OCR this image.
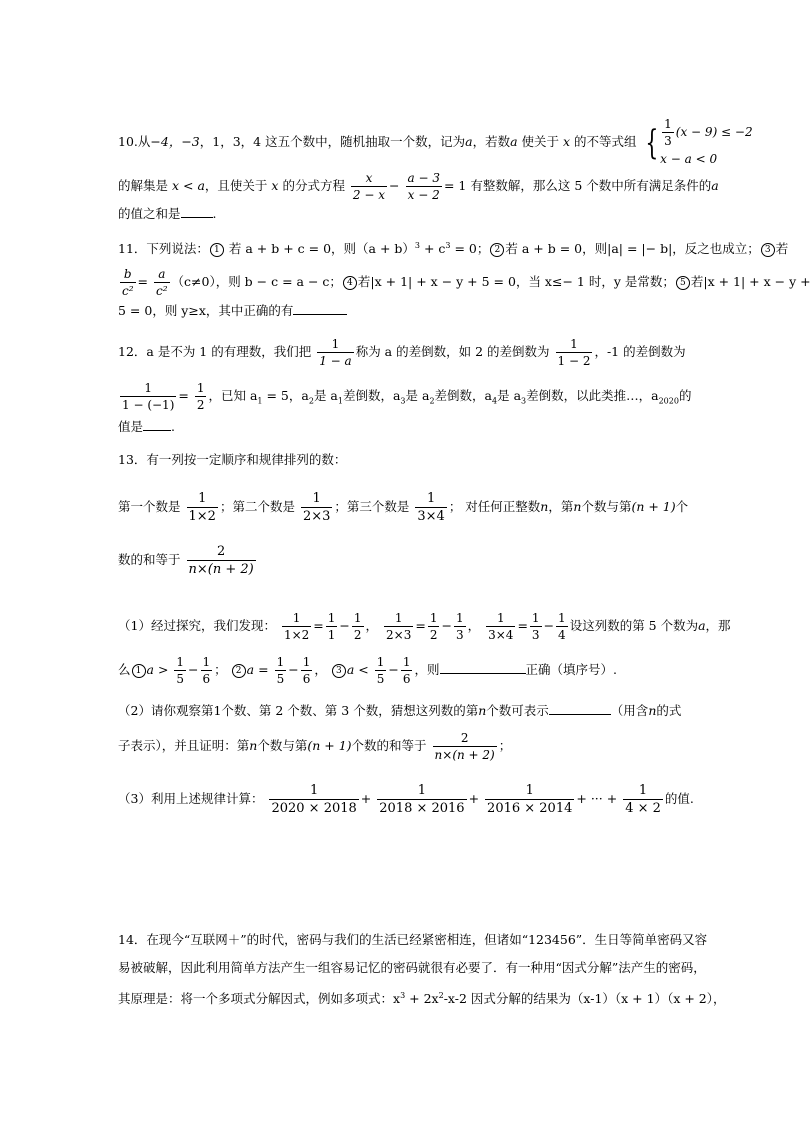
10.从−4，−3，1，3，4 这五个数中，随机抽取一个数，记为a，若数a 使关于 x 的不等式组 { $\frac{1}{3} (x - 9) \le -2$
x − a < 0
的解集是 x < a，且使关于 x 的分式方程 $\frac{x}{2 - x} - \frac{a - 3}{x - 2} = 1$ 有整数解，那么这 5 个数中所有满足条件的a
的值之和是	.
11．下列说法： 1 若 a + b + c = 0，则$(a + b)^3 + c^3 = 0$； 2 若 a + b = 0，则|a| = |− b|，反之也成立； 3 若
$\frac{b}{\text{c²}} = \frac{a}{\text{c²}} (c\ne 0)$，则 b − c = a − c； 4 若|x + 1| + x − y + 5 = 0，当 x≤− 1 时，y 是常数； 5 若|x + 1| + x − y +
5 = 0，则 y≥x，其中正确的有
12．a 是不为 1 的有理数，我们把 $\frac{1}{1 - a}$ 称为 a 的差倒数，如 2 的差倒数为 $\frac{1}{1 - 2}$ ，-1 的差倒数为
$\frac{1}{1 - (-1)} = \frac{1}{2}$ ，已知 $a_1 = 5$，$a_2$是 $a_1$差倒数，$a_3$是 $a_2$差倒数，$a_4$是 $a_3$差倒数，以此类推…，$a_{2020}$的
值是 .
13．有一列按一定顺序和规律排列的数：
第一个数是 $\frac{1}{1\times 2}$ ；第二个数是 $\frac{1}{2\times 3}$ ；第三个数是 $\frac{1}{3\times 4}$ ； 对任何正整数n，第n个数与第(n + 1)个
数的和等于 $\frac{2}{n\times(n + 2)}$
（1）经过探究，我们发现： $\frac{1}{1\times 2} = \frac{1}{1} - \frac{1}{2}$ ， $\frac{1}{2\times 3} = \frac{1}{2} - \frac{1}{3}$ ， $\frac{1}{3\times 4} = \frac{1}{3} - \frac{1}{4}$ 设这列数的第 5 个数为a，那
么 1 $a > \frac{1}{5} - \frac{1}{6}$ ； 2 $a = \frac{1}{5} - \frac{1}{6}$ ， 3 $a < \frac{1}{5} - \frac{1}{6}$ ，则	正确（填序号）.
（2）请你观察第1个数、第 2 个数、第 3 个数，猜想这列数的第n个数可表示	（用含n的式
子表示），并且证明：第n个数与第(n + 1)个数的和等于 $\frac{2}{n\times(n + 2)}$ ；
（3）利用上述规律计算： $\frac{1}{2020 \times 2018} + \frac{1}{2018 \times 2016} + \frac{1}{2016 \times 2014}$ + ··· + $\frac{1}{4 \times 2}$ 的值.
14．在现今“互联网＋”的时代，密码与我们的生活已经紧密相连，但诸如“123456”．生日等简单密码又容
易被破解，因此利用简单方法产生一组容易记忆的密码就很有必要了．有一种用“因式分解”法产生的密码，
其原理是：将一个多项式分解因式，例如多项式：$x^3 + 2x^2-x-2$ 因式分解的结果为（x-1）（x + 1）（x + 2），
